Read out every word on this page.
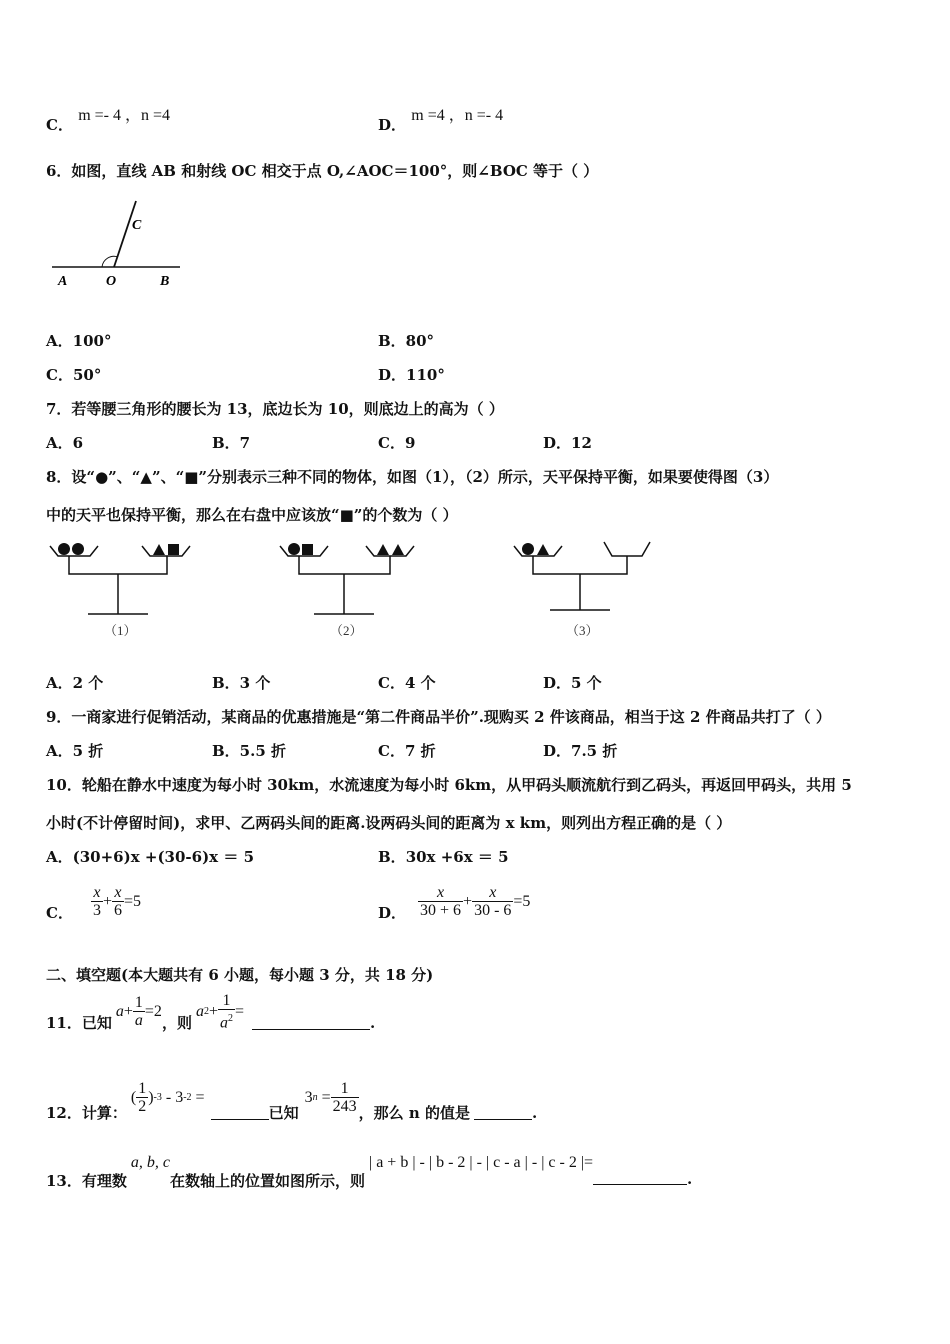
C． m =- 4 ，n =4
D． m =4 ，n =- 4
6．如图，直线 AB 和射线 OC 相交于点 O,∠AOC＝100°，则∠BOC 等于（ ）
C
A	O	B
A．100°	B．80°
C．50°	D．110°
7．若等腰三角形的腰长为 13，底边长为 10，则底边上的高为（ ）
A．6	B．7	C．9	D．12
8．设“●”、“▲”、“■”分别表示三种不同的物体，如图（1），（2）所示，天平保持平衡，如果要使得图（3）
中的天平也保持平衡，那么在右盘中应该放“■”的个数为（ ）
（1）	（2）	（3）
A．2 个	B．3 个	C．4 个	D．5 个
9．一商家进行促销活动，某商品的优惠措施是“第二件商品半价”.现购买 2 件该商品，相当于这 2 件商品共打了（ ）
A．5 折	B．5.5 折	C．7 折	D．7.5 折
10．轮船在静水中速度为每小时 30km，水流速度为每小时 6km，从甲码头顺流航行到乙码头，再返回甲码头，共用 5
小时(不计停留时间)，求甲、乙两码头间的距离.设两码头间的距离为 x km，则列出方程正确的是（ ）
A．(30+6)x +(30-6)x ＝ 5	B．30x +6x ＝ 5
C． $\frac{x}{3} + \frac{x}{6} =5$
D． $\frac{x}{30 + 6} + \frac{x}{30 - 6} =5$
二、填空题(本大题共有 6 小题，每小题 3 分，共 18 分)
11．已知
$a + \frac{1}{a} =2$
，则
a $2 + \frac{1}{a^2}$ =
.
12．计算：
( $\frac{1}{2}$ ) -3 - 3 -2 =
已知
3 $n = \frac{1}{243}$ ，那么 n 的值是	.
13．有理数
a, b, c
在数轴上的位置如图所示，则
| a + b | - | b - 2 | - | c - a | - | c - 2 |=
.
